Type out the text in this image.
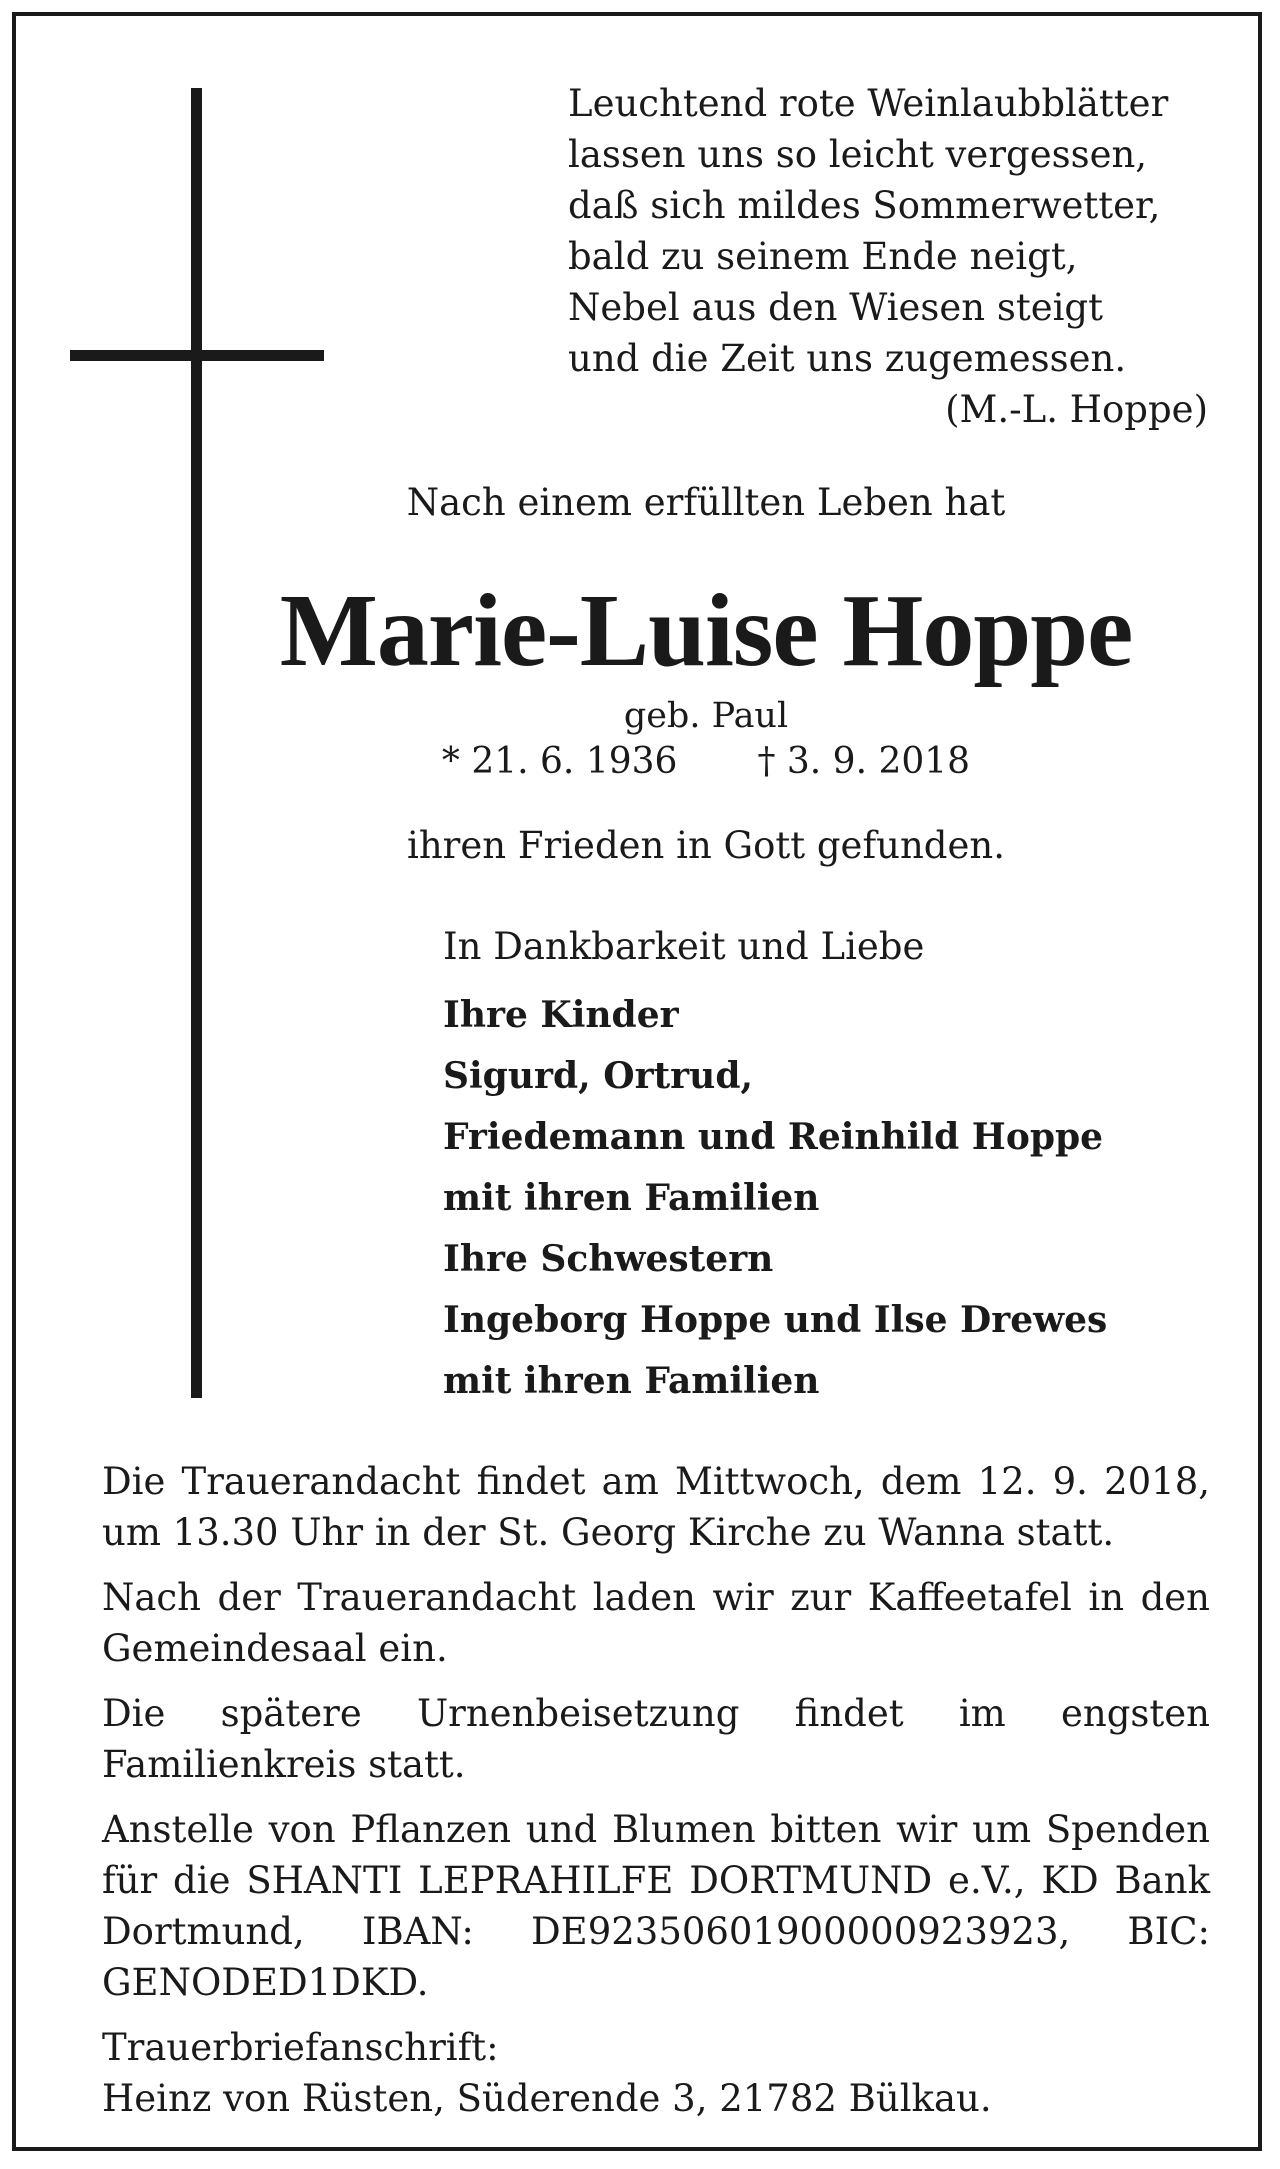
Leuchtend rote Weinlaubblätter
lassen uns so leicht vergessen,
daß sich mildes Sommerwetter,
bald zu seinem Ende neigt,
Nebel aus den Wiesen steigt
und die Zeit uns zugemessen.
(M.-L. Hoppe)
Nach einem erfüllten Leben hat
Marie-Luise Hoppe
geb. Paul
* 21. 6. 1936 † 3. 9. 2018
ihren Frieden in Gott gefunden.
In Dankbarkeit und Liebe
Ihre Kinder
Sigurd, Ortrud,
Friedemann und Reinhild Hoppe
mit ihren Familien
Ihre Schwestern
Ingeborg Hoppe und Ilse Drewes
mit ihren Familien

Die Trauerandacht findet am Mittwoch, dem 12. 9. 2018, um 13.30 Uhr in der St. Georg Kirche zu Wanna statt.

Nach der Trauerandacht laden wir zur Kaffeetafel in den Gemeindesaal ein.

Die spätere Urnenbeisetzung findet im engsten Familienkreis statt.

Anstelle von Pflanzen und Blumen bitten wir um Spenden für die SHANTI LEPRAHILFE DORTMUND e.V., KD Bank Dortmund, IBAN: DE92350601900000923923, BIC: GENODED1DKD.

Trauerbriefanschrift:
Heinz von Rüsten, Süderende 3, 21782 Bülkau.
